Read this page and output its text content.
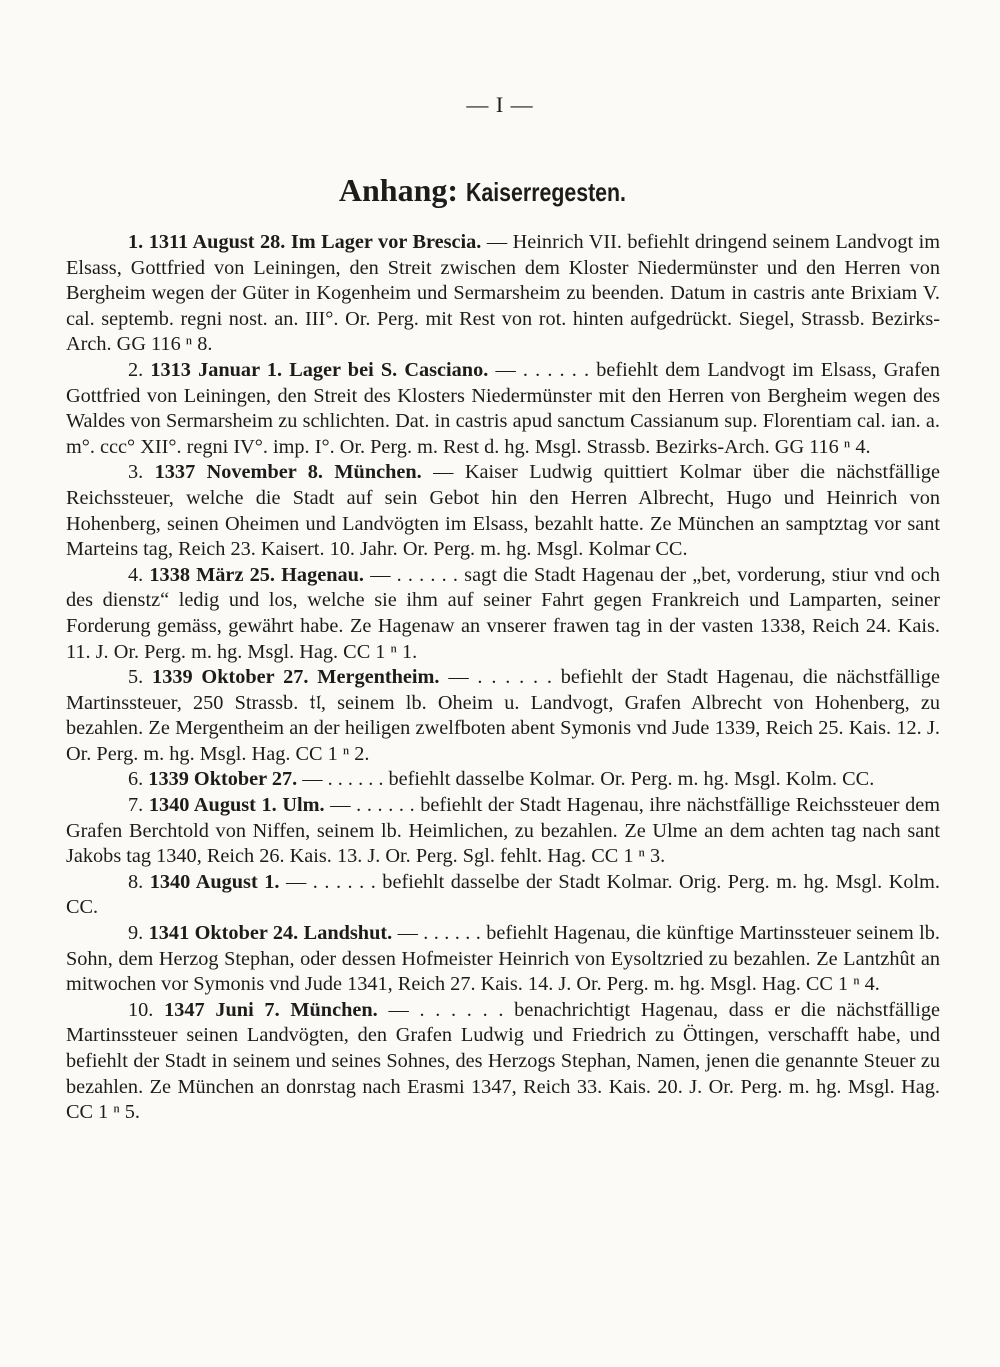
— I —
Anhang: Kaiserregesten.

1. 1311 August 28. Im Lager vor Brescia. — Heinrich VII. befiehlt dringend seinem Landvogt im Elsass, Gottfried von Leiningen, den Streit zwischen dem Kloster Niedermünster und den Herren von Bergheim wegen der Güter in Kogenheim und Sermarsheim zu beenden. Datum in castris ante Brixiam V. cal. septemb. regni nost. an. III°. Or. Perg. mit Rest von rot. hinten aufgedrückt. Siegel, Strassb. Bezirks-Arch. GG 116 ⁿ 8.

2. 1313 Januar 1. Lager bei S. Casciano. — . . . . . . befiehlt dem Landvogt im Elsass, Grafen Gottfried von Leiningen, den Streit des Klosters Niedermünster mit den Herren von Bergheim wegen des Waldes von Sermarsheim zu schlichten. Dat. in castris apud sanctum Cassianum sup. Florentiam cal. ian. a. m°. ccc° XII°. regni IV°. imp. I°. Or. Perg. m. Rest d. hg. Msgl. Strassb. Bezirks-Arch. GG 116 ⁿ 4.

3. 1337 November 8. München. — Kaiser Ludwig quittiert Kolmar über die nächstfällige Reichssteuer, welche die Stadt auf sein Gebot hin den Herren Albrecht, Hugo und Heinrich von Hohenberg, seinen Oheimen und Landvögten im Elsass, bezahlt hatte. Ze München an samptztag vor sant Marteins tag, Reich 23. Kaisert. 10. Jahr. Or. Perg. m. hg. Msgl. Kolmar CC.

4. 1338 März 25. Hagenau. — . . . . . . sagt die Stadt Hagenau der „bet, vorderung, stiur vnd och des dienstz“ ledig und los, welche sie ihm auf seiner Fahrt gegen Frankreich und Lamparten, seiner Forderung gemäss, gewährt habe. Ze Hagenaw an vnserer frawen tag in der vasten 1338, Reich 24. Kais. 11. J. Or. Perg. m. hg. Msgl. Hag. CC 1 ⁿ 1.

5. 1339 Oktober 27. Mergentheim. — . . . . . . befiehlt der Stadt Hagenau, die nächstfällige Martinssteuer, 250 Strassb. 𝔱𝔩, seinem lb. Oheim u. Landvogt, Grafen Albrecht von Hohenberg, zu bezahlen. Ze Mergentheim an der heiligen zwelfboten abent Symonis vnd Jude 1339, Reich 25. Kais. 12. J. Or. Perg. m. hg. Msgl. Hag. CC 1 ⁿ 2.

6. 1339 Oktober 27. — . . . . . . befiehlt dasselbe Kolmar. Or. Perg. m. hg. Msgl. Kolm. CC.

7. 1340 August 1. Ulm. — . . . . . . befiehlt der Stadt Hagenau, ihre nächstfällige Reichssteuer dem Grafen Berchtold von Niffen, seinem lb. Heimlichen, zu bezahlen. Ze Ulme an dem achten tag nach sant Jakobs tag 1340, Reich 26. Kais. 13. J. Or. Perg. Sgl. fehlt. Hag. CC 1 ⁿ 3.

8. 1340 August 1. — . . . . . . befiehlt dasselbe der Stadt Kolmar. Orig. Perg. m. hg. Msgl. Kolm. CC.

9. 1341 Oktober 24. Landshut. — . . . . . . befiehlt Hagenau, die künftige Martinssteuer seinem lb. Sohn, dem Herzog Stephan, oder dessen Hofmeister Heinrich von Eysoltzried zu bezahlen. Ze Lantzhût an mitwochen vor Symonis vnd Jude 1341, Reich 27. Kais. 14. J. Or. Perg. m. hg. Msgl. Hag. CC 1 ⁿ 4.

10. 1347 Juni 7. München. — . . . . . . benachrichtigt Hagenau, dass er die nächstfällige Martinssteuer seinen Landvögten, den Grafen Ludwig und Friedrich zu Öttingen, verschafft habe, und befiehlt der Stadt in seinem und seines Sohnes, des Herzogs Stephan, Namen, jenen die genannte Steuer zu bezahlen. Ze München an donrstag nach Erasmi 1347, Reich 33. Kais. 20. J. Or. Perg. m. hg. Msgl. Hag. CC 1 ⁿ 5.
